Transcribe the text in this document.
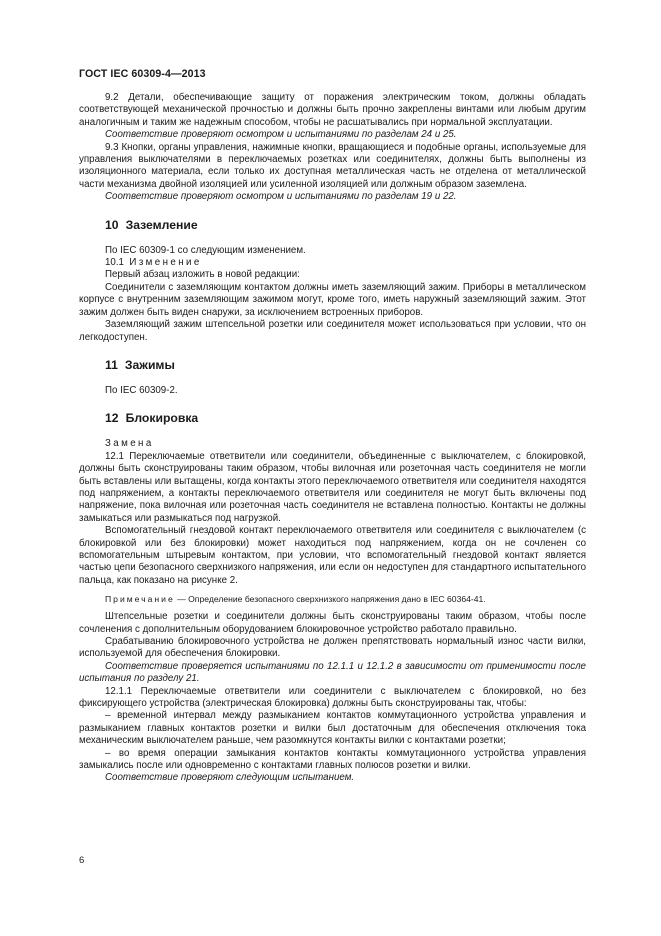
ГОСТ IEC 60309-4—2013

9.2 Детали, обеспечивающие защиту от поражения электрическим током, должны обладать соответствующей механической прочностью и должны быть прочно закреплены винтами или любым другим аналогичным и таким же надежным способом, чтобы не расшатывались при нормальной эксплуатации.

Соответствие проверяют осмотром и испытаниями по разделам 24 и 25.

9.3 Кнопки, органы управления, нажимные кнопки, вращающиеся и подобные органы, используемые для управления выключателями в переключаемых розетках или соединителях, должны быть выполнены из изоляционного материала, если только их доступная металлическая часть не отделена от металлической части механизма двойной изоляцией или усиленной изоляцией или должным образом заземлена.

Соответствие проверяют осмотром и испытаниями по разделам 19 и 22.

10 Заземление

По IEC 60309-1 со следующим изменением.

10.1 Изменение

Первый абзац изложить в новой редакции:

Соединители с заземляющим контактом должны иметь заземляющий зажим. Приборы в металлическом корпусе с внутренним заземляющим зажимом могут, кроме того, иметь наружный заземляющий зажим. Этот зажим должен быть виден снаружи, за исключением встроенных приборов.

Заземляющий зажим штепсельной розетки или соединителя может использоваться при условии, что он легкодоступен.

11 Зажимы

По IEC 60309-2.

12 Блокировка

Замена

12.1 Переключаемые ответвители или соединители, объединенные с выключателем, с блокировкой, должны быть сконструированы таким образом, чтобы вилочная или розеточная часть соединителя не могли быть вставлены или вытащены, когда контакты этого переключаемого ответвителя или соединителя находятся под напряжением, а контакты переключаемого ответвителя или соединителя не могут быть включены под напряжение, пока вилочная или розеточная часть соединителя не вставлена полностью. Контакты не должны замыкаться или размыкаться под нагрузкой.

Вспомогательный гнездовой контакт переключаемого ответвителя или соединителя с выключателем (с блокировкой или без блокировки) может находиться под напряжением, когда он не сочленен со вспомогательным штыревым контактом, при условии, что вспомогательный гнездовой контакт является частью цепи безопасного сверхнизкого напряжения, или если он недоступен для стандартного испытательного пальца, как показано на рисунке 2.

Примечание — Определение безопасного сверхнизкого напряжения дано в IEC 60364-41.

Штепсельные розетки и соединители должны быть сконструированы таким образом, чтобы после сочленения с дополнительным оборудованием блокировочное устройство работало правильно.

Срабатыванию блокировочного устройства не должен препятствовать нормальный износ части вилки, используемой для обеспечения блокировки.

Соответствие проверяется испытаниями по 12.1.1 и 12.1.2 в зависимости от применимости после испытания по разделу 21.

12.1.1 Переключаемые ответвители или соединители с выключателем с блокировкой, но без фиксирующего устройства (электрическая блокировка) должны быть сконструированы так, чтобы:

– временной интервал между размыканием контактов коммутационного устройства управления и размыканием главных контактов розетки и вилки был достаточным для обеспечения отключения тока механическим выключателем раньше, чем разомкнутся контакты вилки с контактами розетки;

– во время операции замыкания контактов контакты коммутационного устройства управления замыкались после или одновременно с контактами главных полюсов розетки и вилки.

Соответствие проверяют следующим испытанием.

6
